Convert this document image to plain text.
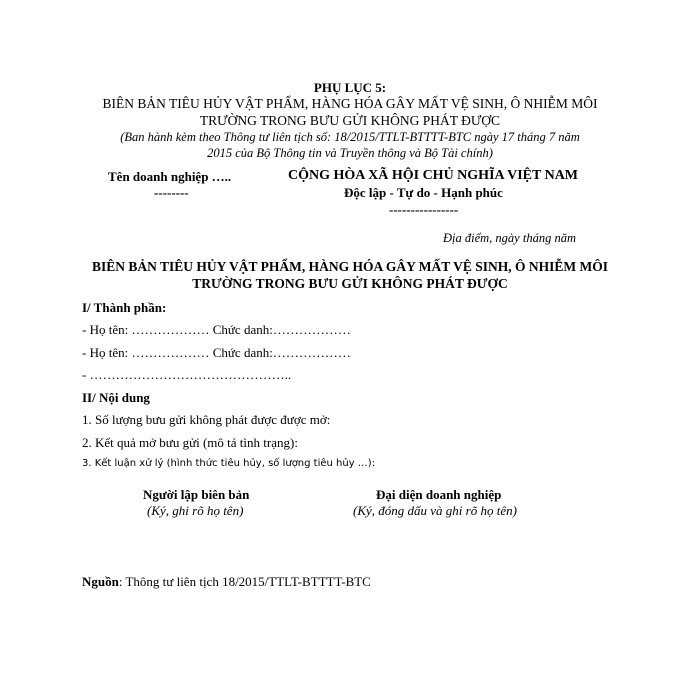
PHỤ LỤC 5:
BIÊN BẢN TIÊU HỦY VẬT PHẨM, HÀNG HÓA GÂY MẤT VỆ SINH, Ô NHIỄM MÔI
TRƯỜNG TRONG BƯU GỬI KHÔNG PHÁT ĐƯỢC
(Ban hành kèm theo Thông tư liên tịch số: 18/2015/TTLT-BTTTT-BTC ngày 17 tháng 7 năm
2015 của Bộ Thông tin và Truyền thông và Bộ Tài chính)
Tên doanh nghiệp …..
--------
CỘNG HÒA XÃ HỘI CHỦ NGHĨA VIỆT NAM
Độc lập - Tự do - Hạnh phúc
----------------
Địa điểm, ngày tháng năm
BIÊN BẢN TIÊU HỦY VẬT PHẨM, HÀNG HÓA GÂY MẤT VỆ SINH, Ô NHIỄM MÔI
TRƯỜNG TRONG BƯU GỬI KHÔNG PHÁT ĐƯỢC
I/ Thành phần:
- Họ tên: ……………… Chức danh:………………
- Họ tên: ……………… Chức danh:………………
- ………………………………………..
II/ Nội dung
1. Số lượng bưu gửi không phát được được mở:
2. Kết quả mở bưu gửi (mô tả tình trạng):
3. Kết luận xử lý (hình thức tiêu hủy, số lượng tiêu hủy …):
Người lập biên bản
(Ký, ghi rõ họ tên)
Đại diện doanh nghiệp
(Ký, đóng dấu và ghi rõ họ tên)
Nguồn: Thông tư liên tịch 18/2015/TTLT-BTTTT-BTC
